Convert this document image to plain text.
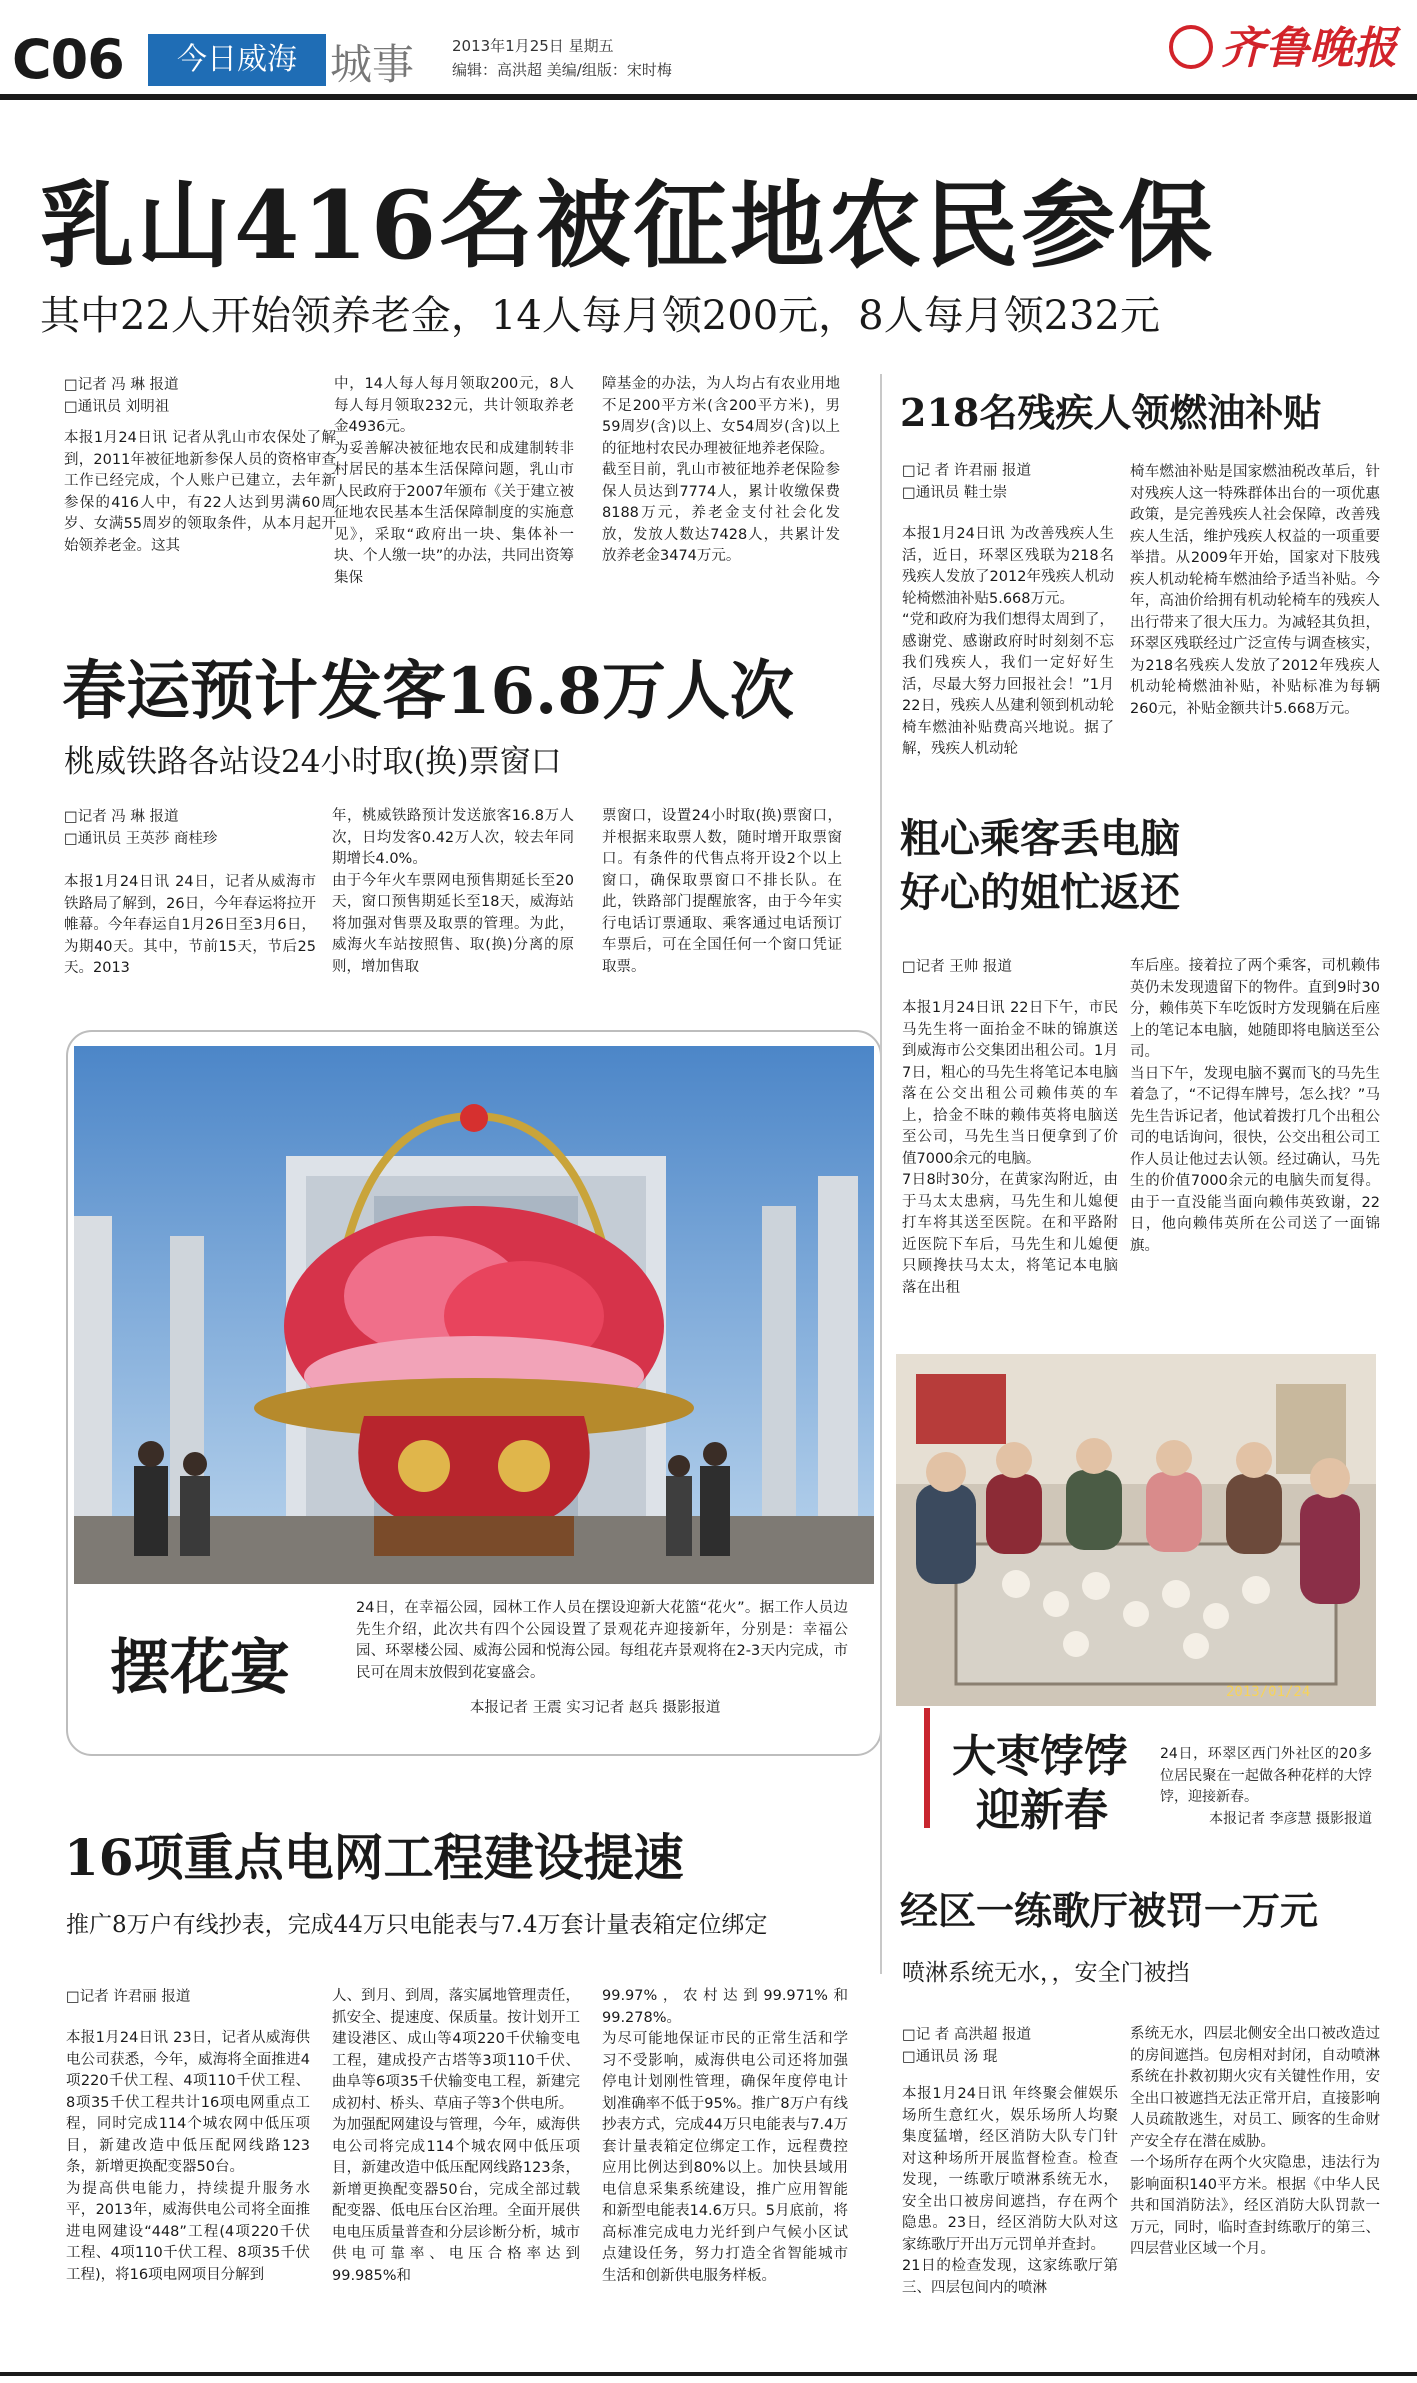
C06	今日威海 城事	2013年1月25日 星期五
编辑：高洪超 美编/组版：宋时梅	齐鲁晚报
乳山416名被征地农民参保
其中22人开始领养老金，14人每月领200元，8人每月领232元
□记者 冯 琳 报道
□通讯员 刘明祖
本报1月24日讯 记者从乳山市农保处了解到，2011年被征地新参保人员的资格审查工作已经完成，个人账户已建立，去年新参保的416人中，有22人达到男满60周岁、女满55周岁的领取条件，从本月起开始领养老金。这其
中，14人每人每月领取200元，8人每人每月领取232元，共计领取养老金4936元。
为妥善解决被征地农民和成建制转非村居民的基本生活保障问题，乳山市人民政府于2007年颁布《关于建立被征地农民基本生活保障制度的实施意见》，采取“政府出一块、集体补一块、个人缴一块”的办法，共同出资筹集保
障基金的办法，为人均占有农业用地不足200平方米(含200平方米)，男59周岁(含)以上、女54周岁(含)以上的征地村农民办理被征地养老保险。
截至目前，乳山市被征地养老保险参保人员达到7774人，累计收缴保费8188万元，养老金支付社会化发放，发放人数达7428人，共累计发放养老金3474万元。
春运预计发客16.8万人次
桃威铁路各站设24小时取(换)票窗口
□记者 冯 琳 报道
□通讯员 王英莎 商桂珍
本报1月24日讯 24日，记者从威海市铁路局了解到，26日，今年春运将拉开帷幕。今年春运自1月26日至3月6日，为期40天。其中，节前15天，节后25天。2013
年，桃威铁路预计发送旅客16.8万人次，日均发客0.42万人次，较去年同期增长4.0%。
由于今年火车票网电预售期延长至20天，窗口预售期延长至18天，威海站将加强对售票及取票的管理。为此，威海火车站按照售、取(换)分离的原则，增加售取
票窗口，设置24小时取(换)票窗口，并根据来取票人数，随时增开取票窗口。有条件的代售点将开设2个以上窗口，确保取票窗口不排长队。在此，铁路部门提醒旅客，由于今年实行电话订票通取、乘客通过电话预订车票后，可在全国任何一个窗口凭证取票。
摆花宴
24日，在幸福公园，园林工作人员在摆设迎新大花篮“花火”。据工作人员边先生介绍，此次共有四个公园设置了景观花卉迎接新年，分别是：幸福公园、环翠楼公园、威海公园和悦海公园。每组花卉景观将在2-3天内完成，市民可在周末放假到花宴盛会。
本报记者 王震 实习记者 赵兵 摄影报道
218名残疾人领燃油补贴
□记 者 许君丽 报道
□通讯员 鞋士崇
本报1月24日讯 为改善残疾人生活，近日，环翠区残联为218名残疾人发放了2012年残疾人机动轮椅燃油补贴5.668万元。
“党和政府为我们想得太周到了，感谢党、感谢政府时时刻刻不忘我们残疾人，我们一定好好生活，尽最大努力回报社会！”1月22日，残疾人丛建利领到机动轮椅车燃油补贴费高兴地说。据了解，残疾人机动轮
椅车燃油补贴是国家燃油税改革后，针对残疾人这一特殊群体出台的一项优惠政策，是完善残疾人社会保障，改善残疾人生活，维护残疾人权益的一项重要举措。从2009年开始，国家对下肢残疾人机动轮椅车燃油给予适当补贴。今年，高油价给拥有机动轮椅车的残疾人出行带来了很大压力。为减轻其负担，环翠区残联经过广泛宣传与调查核实，为218名残疾人发放了2012年残疾人机动轮椅燃油补贴，补贴标准为每辆260元，补贴金额共计5.668万元。
粗心乘客丢电脑
好心的姐忙返还
□记者 王帅 报道
本报1月24日讯 22日下午，市民马先生将一面抬金不昧的锦旗送到威海市公交集团出租公司。1月7日，粗心的马先生将笔记本电脑落在公交出租公司赖伟英的车上，拾金不昧的赖伟英将电脑送至公司，马先生当日便拿到了价值7000余元的电脑。
7日8时30分，在黄家沟附近，由于马太太患病，马先生和儿媳便打车将其送至医院。在和平路附近医院下车后，马先生和儿媳便只顾搀扶马太太，将笔记本电脑落在出租
车后座。接着拉了两个乘客，司机赖伟英仍未发现遗留下的物件。直到9时30分，赖伟英下车吃饭时方发现躺在后座上的笔记本电脑，她随即将电脑送至公司。
当日下午，发现电脑不翼而飞的马先生着急了，“不记得车牌号，怎么找？”马先生告诉记者，他试着拨打几个出租公司的电话询问，很快，公交出租公司工作人员让他过去认领。经过确认，马先生的价值7000余元的电脑失而复得。由于一直没能当面向赖伟英致谢，22日，他向赖伟英所在公司送了一面锦旗。
2013/01/24
大枣饽饽
迎新春
24日，环翠区西门外社区的20多位居民聚在一起做各种花样的大饽饽，迎接新春。
本报记者 李彦慧 摄影报道
16项重点电网工程建设提速
推广8万户有线抄表，完成44万只电能表与7.4万套计量表箱定位绑定
□记者 许君丽 报道
本报1月24日讯 23日，记者从威海供电公司获悉，今年，威海将全面推进4项220千伏工程、4项110千伏工程、8项35千伏工程共计16项电网重点工程，同时完成114个城农网中低压项目，新建改造中低压配网线路123条，新增更换配变器50台。
为提高供电能力，持续提升服务水平，2013年，威海供电公司将全面推进电网建设“448”工程(4项220千伏工程、4项110千伏工程、8项35千伏工程)，将16项电网项目分解到
人、到月、到周，落实属地管理责任，抓安全、提速度、保质量。按计划开工建设港区、成山等4项220千伏输变电工程，建成投产古塔等3项110千伏、曲阜等6项35千伏输变电工程，新建完成初村、桥头、草庙子等3个供电所。
为加强配网建设与管理，今年，威海供电公司将完成114个城农网中低压项目，新建改造中低压配网线路123条，新增更换配变器50台，完成全部过载配变器、低电压台区治理。全面开展供电电压质量普查和分层诊断分析，城市供电可靠率、电压合格率达到99.985%和
99.97%，农村达到99.971%和99.278%。
为尽可能地保证市民的正常生活和学习不受影响，威海供电公司还将加强停电计划刚性管理，确保年度停电计划准确率不低于95%。推广8万户有线抄表方式，完成44万只电能表与7.4万套计量表箱定位绑定工作，远程费控应用比例达到80%以上。加快县域用电信息采集系统建设，推广应用智能和新型电能表14.6万只。5月底前，将高标准完成电力光纤到户气候小区试点建设任务，努力打造全省智能城市生活和创新供电服务样板。
经区一练歌厅被罚一万元
喷淋系统无水，，安全门被挡
□记 者 高洪超 报道
□通讯员 汤 琨
本报1月24日讯 年终聚会催娱乐场所生意红火，娱乐场所人均聚集度猛增，经区消防大队专门针对这种场所开展监督检查。检查发现，一练歌厅喷淋系统无水，安全出口被房间遮挡，存在两个隐患。23日，经区消防大队对这家练歌厅开出万元罚单并查封。
21日的检查发现，这家练歌厅第三、四层包间内的喷淋
系统无水，四层北侧安全出口被改造过的房间遮挡。包房相对封闭，自动喷淋系统在扑救初期火灾有关键性作用，安全出口被遮挡无法正常开启，直接影响人员疏散逃生，对员工、顾客的生命财产安全存在潜在威胁。
一个场所存在两个火灾隐患，违法行为影响面积140平方米。根据《中华人民共和国消防法》，经区消防大队罚款一万元，同时，临时查封练歌厅的第三、四层营业区域一个月。
